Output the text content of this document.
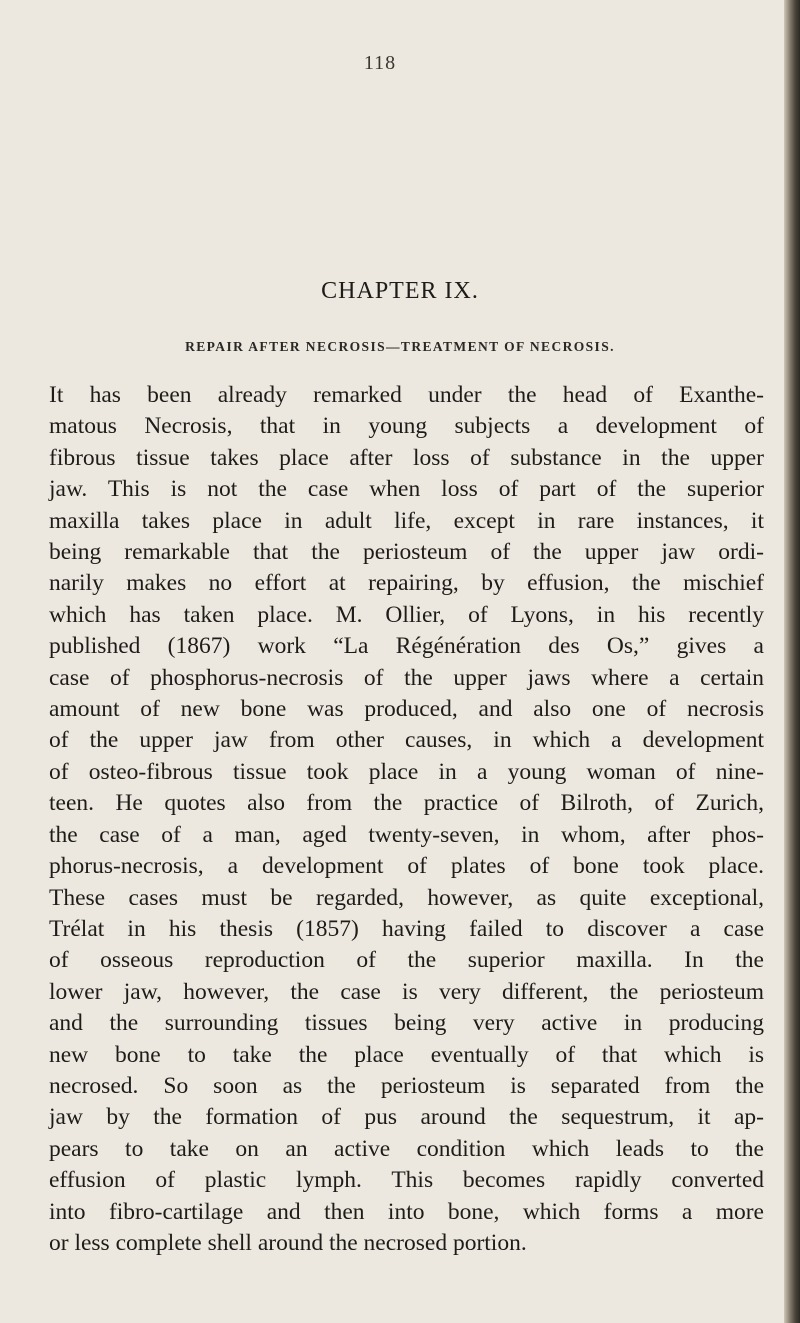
118
CHAPTER IX.
REPAIR AFTER NECROSIS—TREATMENT OF NECROSIS.
It has been already remarked under the head of Exanthe-
matous Necrosis, that in young subjects a development of
fibrous tissue takes place after loss of substance in the upper
jaw. This is not the case when loss of part of the superior
maxilla takes place in adult life, except in rare instances, it
being remarkable that the periosteum of the upper jaw ordi-
narily makes no effort at repairing, by effusion, the mischief
which has taken place. M. Ollier, of Lyons, in his recently
published (1867) work “La Régénération des Os,” gives a
case of phosphorus-necrosis of the upper jaws where a certain
amount of new bone was produced, and also one of necrosis
of the upper jaw from other causes, in which a development
of osteo-fibrous tissue took place in a young woman of nine-
teen. He quotes also from the practice of Bilroth, of Zurich,
the case of a man, aged twenty-seven, in whom, after phos-
phorus-necrosis, a development of plates of bone took place.
These cases must be regarded, however, as quite exceptional,
Trélat in his thesis (1857) having failed to discover a case
of osseous reproduction of the superior maxilla. In the
lower jaw, however, the case is very different, the periosteum
and the surrounding tissues being very active in producing
new bone to take the place eventually of that which is
necrosed. So soon as the periosteum is separated from the
jaw by the formation of pus around the sequestrum, it ap-
pears to take on an active condition which leads to the
effusion of plastic lymph. This becomes rapidly converted
into fibro-cartilage and then into bone, which forms a more
or less complete shell around the necrosed portion.
